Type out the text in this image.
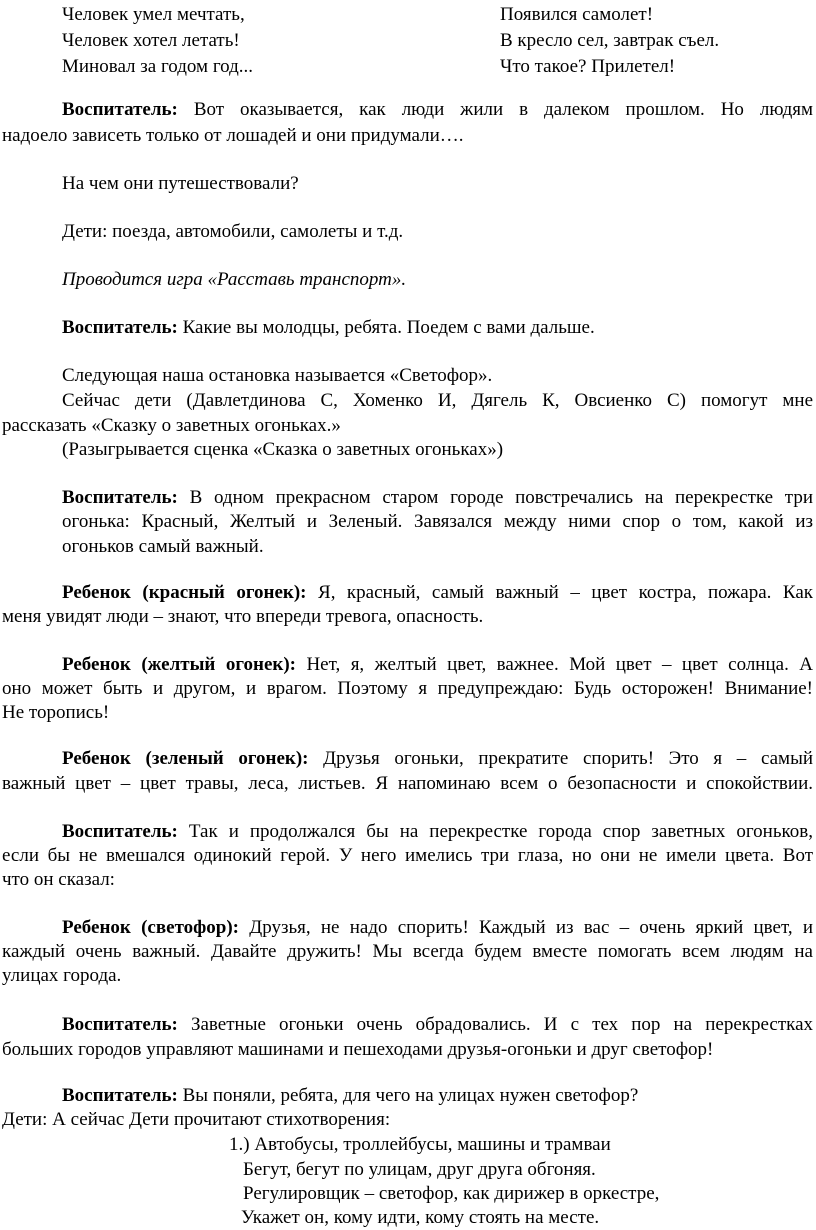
Человек умел мечтать,
Человек хотел летать!
Миновал за годом год...
Появился самолет!
В кресло сел, завтрак съел.
Что такое? Прилетел!
Воспитатель: Вот оказывается, как люди жили в далеком прошлом. Но людям
надоело зависеть только от лошадей и они придумали….
На чем они путешествовали?
Дети: поезда, автомобили, самолеты и т.д.
Проводится игра «Расставь транспорт».
Воспитатель: Какие вы молодцы, ребята. Поедем с вами дальше.
Следующая наша остановка называется «Светофор».
Сейчас дети (Давлетдинова С, Хоменко И, Дягель К, Овсиенко С) помогут мне
рассказать «Сказку о заветных огоньках.»
(Разыгрывается сценка «Сказка о заветных огоньках»)
Воспитатель: В одном прекрасном старом городе повстречались на перекрестке три
огонька: Красный, Желтый и Зеленый. Завязался между ними спор о том, какой из
огоньков самый важный.
Ребенок (красный огонек): Я, красный, самый важный – цвет костра, пожара. Как
меня увидят люди – знают, что впереди тревога, опасность.
Ребенок (желтый огонек): Нет, я, желтый цвет, важнее. Мой цвет – цвет солнца. А
оно может быть и другом, и врагом. Поэтому я предупреждаю: Будь осторожен! Внимание!
Не торопись!
Ребенок (зеленый огонек): Друзья огоньки, прекратите спорить! Это я – самый
важный цвет – цвет травы, леса, листьев. Я напоминаю всем о безопасности и спокойствии.
Воспитатель: Так и продолжался бы на перекрестке города спор заветных огоньков,
если бы не вмешался одинокий герой. У него имелись три глаза, но они не имели цвета. Вот
что он сказал:
Ребенок (светофор): Друзья, не надо спорить! Каждый из вас – очень яркий цвет, и
каждый очень важный. Давайте дружить! Мы всегда будем вместе помогать всем людям на
улицах города.
Воспитатель: Заветные огоньки очень обрадовались. И с тех пор на перекрестках
больших городов управляют машинами и пешеходами друзья-огоньки и друг светофор!
Воспитатель: Вы поняли, ребята, для чего на улицах нужен светофор?
Дети: А сейчас Дети прочитают стихотворения:
1.) Автобусы, троллейбусы, машины и трамваи
Бегут, бегут по улицам, друг друга обгоняя.
Регулировщик – светофор, как дирижер в оркестре,
Укажет он, кому идти, кому стоять на месте.
